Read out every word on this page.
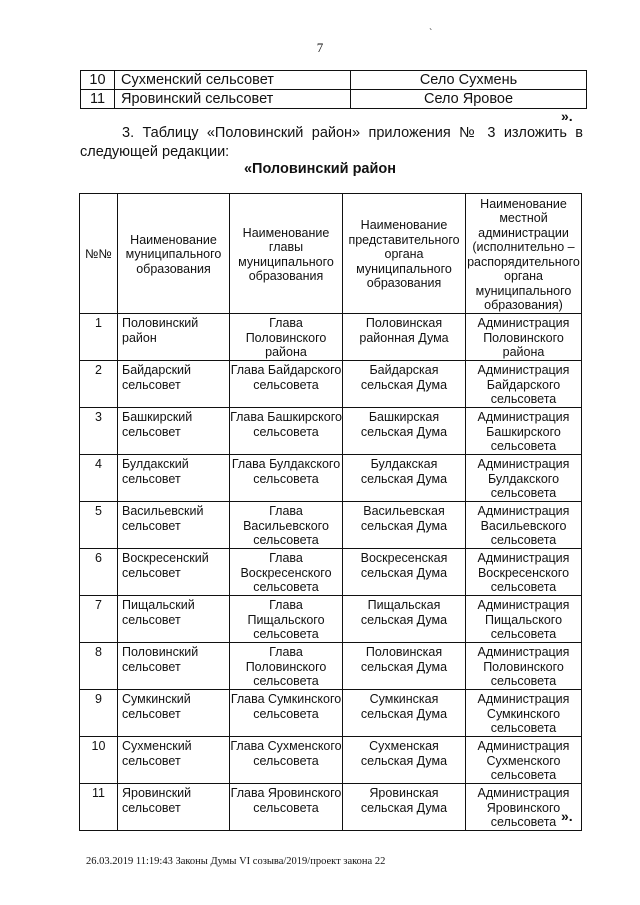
`
7
10	Сухменский сельсовет	Село Сухмень
11	Яровинский сельсовет	Село Яровое
».
3. Таблицу «Половинский район» приложения № 3 изложить в следующей редакции:
«Половинский район
№№	Наименование муниципального образования	Наименование главы муниципального образования	Наименование представительного органа муниципального образования	Наименование местной администрации (исполнительно – распорядительного органа муниципального образования)
1	Половинский район	Глава Половинского района	Половинская районная Дума	Администрация Половинского района
2	Байдарский сельсовет	Глава Байдарского сельсовета	Байдарская сельская Дума	Администрация Байдарского сельсовета
3	Башкирский сельсовет	Глава Башкирского сельсовета	Башкирская сельская Дума	Администрация Башкирского сельсовета
4	Булдакский сельсовет	Глава Булдакского сельсовета	Булдакская сельская Дума	Администрация Булдакского сельсовета
5	Васильевский сельсовет	Глава Васильевского сельсовета	Васильевская сельская Дума	Администрация Васильевского сельсовета
6	Воскресенский сельсовет	Глава Воскресенского сельсовета	Воскресенская сельская Дума	Администрация Воскресенского сельсовета
7	Пищальский сельсовет	Глава Пищальского сельсовета	Пищальская сельская Дума	Администрация Пищальского сельсовета
8	Половинский сельсовет	Глава Половинского сельсовета	Половинская сельская Дума	Администрация Половинского сельсовета
9	Сумкинский сельсовет	Глава Сумкинского сельсовета	Сумкинская сельская Дума	Администрация Сумкинского сельсовета
10	Сухменский сельсовет	Глава Сухменского сельсовета	Сухменская сельская Дума	Администрация Сухменского сельсовета
11	Яровинский сельсовет	Глава Яровинского сельсовета	Яровинская сельская Дума	Администрация Яровинского сельсовета ».
26.03.2019 11:19:43 Законы Думы VI созыва/2019/проект закона 22
